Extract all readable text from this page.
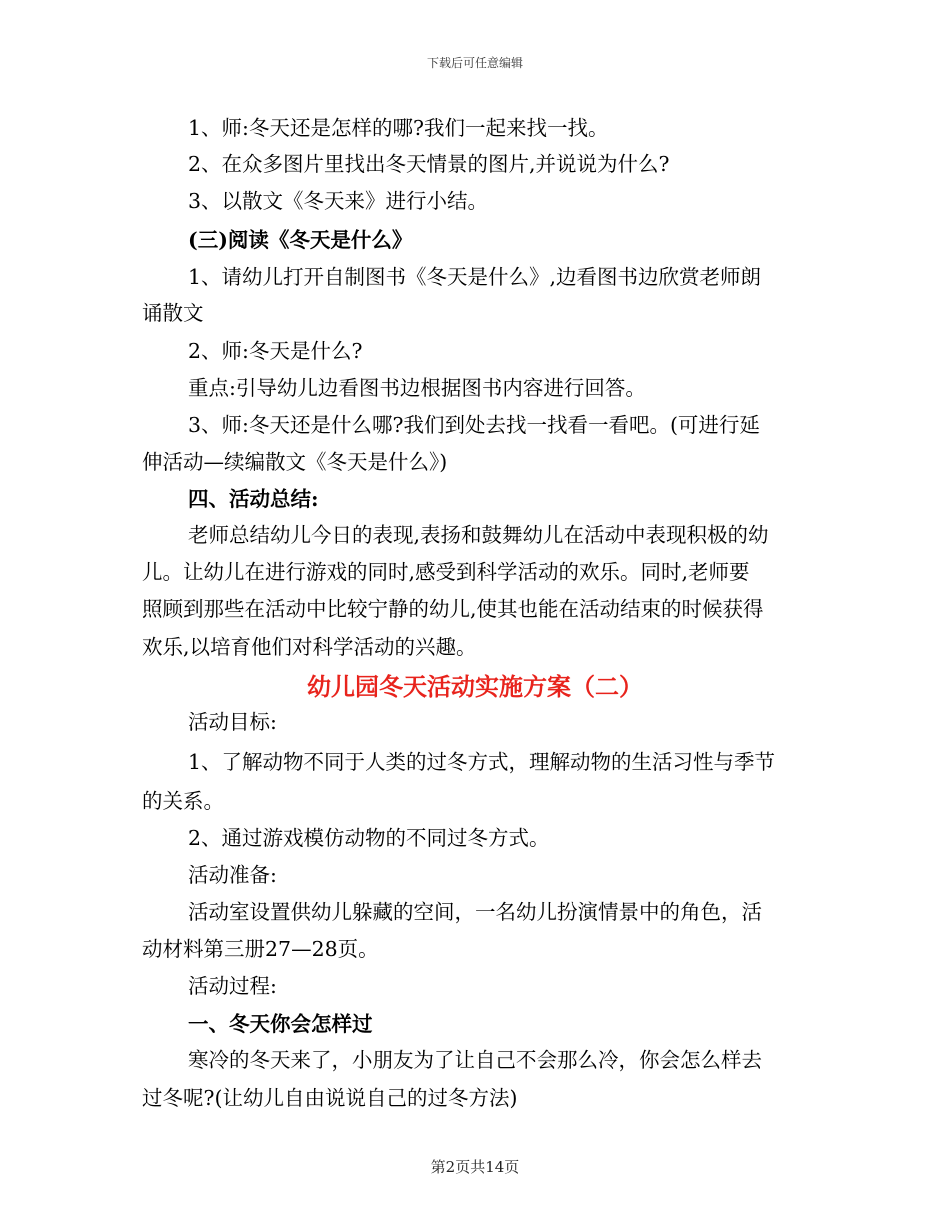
下载后可任意编辑
1、师:冬天还是怎样的哪?我们一起来找一找。
2、在众多图片里找出冬天情景的图片,并说说为什么?
3、以散文《冬天来》进行小结。
(三)阅读《冬天是什么》
1、请幼儿打开自制图书《冬天是什么》,边看图书边欣赏老师朗
诵散文
2、师:冬天是什么?
重点:引导幼儿边看图书边根据图书内容进行回答。
3、师:冬天还是什么哪?我们到处去找一找看一看吧。(可进行延
伸活动—续编散文《冬天是什么》)
四、活动总结:
老师总结幼儿今日的表现,表扬和鼓舞幼儿在活动中表现积极的幼
儿。让幼儿在进行游戏的同时,感受到科学活动的欢乐。同时,老师要
照顾到那些在活动中比较宁静的幼儿,使其也能在活动结束的时候获得
欢乐,以培育他们对科学活动的兴趣。
幼儿园冬天活动实施方案（二）
活动目标:
1、了解动物不同于人类的过冬方式，理解动物的生活习性与季节
的关系。
2、通过游戏模仿动物的不同过冬方式。
活动准备:
活动室设置供幼儿躲藏的空间，一名幼儿扮演情景中的角色，活
动材料第三册27—28页。
活动过程:
一、冬天你会怎样过
寒冷的冬天来了，小朋友为了让自己不会那么冷，你会怎么样去
过冬呢?(让幼儿自由说说自己的过冬方法)
第2页共14页
